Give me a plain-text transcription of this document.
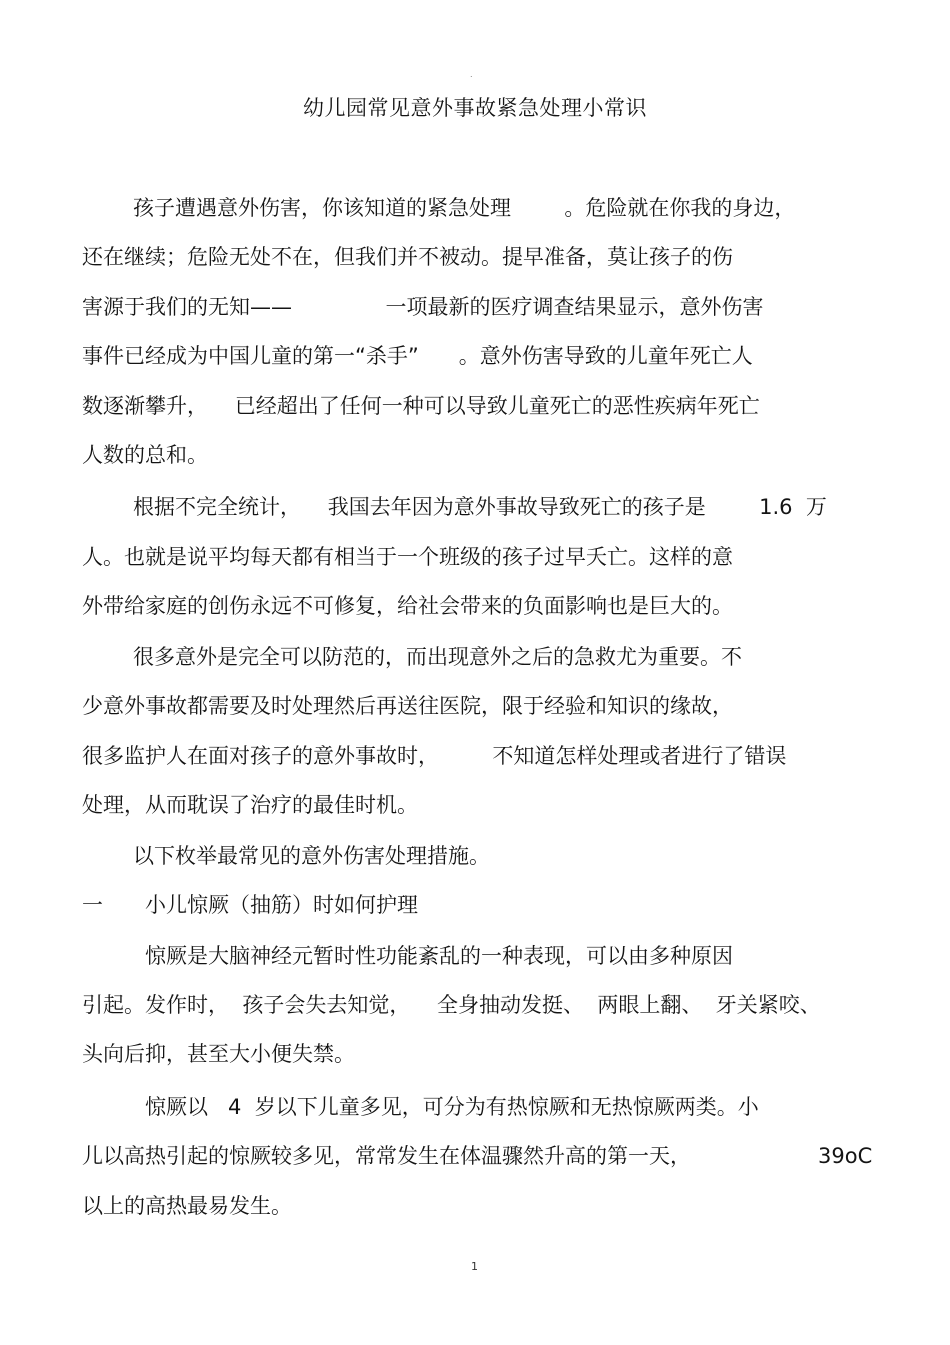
.
幼儿园常见意外事故紧急处理小常识
孩子遭遇意外伤害，你该知道的紧急处理        。危险就在你我的身边，
还在继续；危险无处不在，但我们并不被动。提早准备，莫让孩子的伤
害源于我们的无知——              一项最新的医疗调查结果显示，意外伤害
事件已经成为中国儿童的第一“杀手”      。意外伤害导致的儿童年死亡人
数逐渐攀升，    已经超出了任何一种可以导致儿童死亡的恶性疾病年死亡
人数的总和。
根据不完全统计，    我国去年因为意外事故导致死亡的孩子是        1.6  万
人。也就是说平均每天都有相当于一个班级的孩子过早夭亡。这样的意
外带给家庭的创伤永远不可修复，给社会带来的负面影响也是巨大的。
很多意外是完全可以防范的，而出现意外之后的急救尤为重要。不
少意外事故都需要及时处理然后再送往医院，限于经验和知识的缘故，
很多监护人在面对孩子的意外事故时，        不知道怎样处理或者进行了错误
处理，从而耽误了治疗的最佳时机。
以下枚举最常见的意外伤害处理措施。
一 小儿惊厥（抽筋）时如何护理
惊厥是大脑神经元暂时性功能紊乱的一种表现，可以由多种原因
引起。发作时，  孩子会失去知觉，    全身抽动发挺、  两眼上翻、  牙关紧咬、
头向后抑，甚至大小便失禁。
惊厥以   4  岁以下儿童多见，可分为有热惊厥和无热惊厥两类。小
儿以高热引起的惊厥较多见，常常发生在体温骤然升高的第一天，	39oC
以上的高热最易发生。
1
